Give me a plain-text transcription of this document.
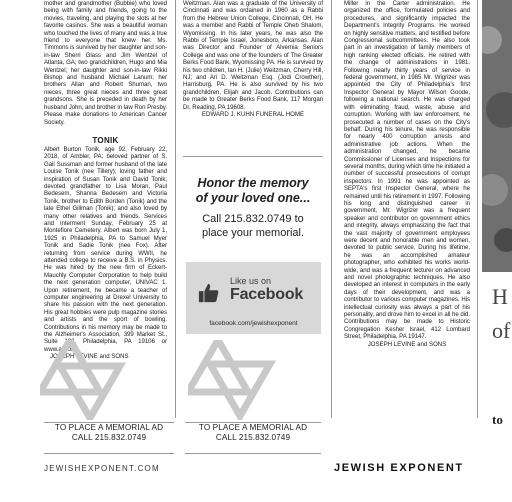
mother and grandmother (Bubbie) who loved being with family and friends, going to the movies, traveling, and playing the slots at her favorite casinos. She was a beautiful woman who touched the lives of many and was a true friend to everyone that knew her. Ms. Timmons is survived by her daughter and son-in-law Sherri Glass and Jim Wentzel of Atlanta, GA; two grandchildren, Hugo and Mia Wentzel; her daughter and son-in-law Rikki Bishop and husband Michael Lanum; her brothers Allan and Robert Shuman, two nieces, three great nieces and three great grandsons. She is preceded in death by her husband John, and brother in law Ron Presby. Please make donations to American Cancer Society.

TONIK

Albert Burton Tonik, age 92, February 22, 2018, of Ambler, PA; beloved partner of S. Gail Sussman and former husband of the late Louise Tonik (nee Tillery); loving father and inspiration of Susan Tonik and David Tonik; devoted grandfather to Lisa Moran, Paul Bedesem, Shanna Bedesem and Victoria Tonik, brother to Edith Borden (Tonik) and the late Ethel Gillman (Tonik); and also loved by many other relatives and friends. Services and interment Sunday, February 25 at Montefiore Cemetery. Albert was born July 1, 1925 in Philadelphia, PA to Samuel Myer Tonik and Sadie Tonik (nee Fox). After returning from service during WWII, he attended college to receive a B.S. in Physics. He was hired by the new firm of Eckert-Mauchly Computer Corporation to help build the next generation computer, UNIVAC 1. Upon retirement, he became a teacher of computer engineering at Drexel University to share his passion with the next generation. His great hobbies were pulp magazine stories and artists and the sport of bowling. Contributions in his memory may be made to the Alzheimer's Association, 399 Market St., Suite 102, Philadelphia, PA 19106 or www.alz.org

JOSEPH LEVINE and SONS

Weitzman. Alan was a graduate of the University of Cincinnati and was ordained in 1960 as a Rabbi from the Hebrew Union College, Cincinnati, OH. He was a member and Rabbi of Temple Oheb Shalom, Wyomissing. In his later years, he was also the Rabbi of Temple Israel, Jonesboro, Arkansas. Alan was Director and Founder of Alvernia Seniors College and was one of the founders of The Greater Berks Food Bank, Wyomissing PA. He is survived by his two children, Ian H. (Julie) Weitzman, Cherry Hill, NJ; and Ari D. Weitzman Esq. (Jodi Crowther), Harrisburg, PA. He is also survived by his two grandchildren, Elijah and Jacob. Contributions can be made to Greater Berks Food Bank, 117 Morgan Dr, Reading, PA 19608.

EDWARD J. KUHN FUNERAL HOME

Honor the memory
of your loved one...
Call 215.832.0749 to
place your memorial.
Like us on
Facebook
facebook.com/jewishexponent

Miller in the Carter administration. He organized the office, formulated policies and procedures, and significantly impacted the Department's Integrity Programs. He worked on highly sensitive matters, and testified before Congressional subcommittees. He also took part in an investigation of family members of high ranking elected officials. He retired with the change of administrations in 1981. Following nearly thirty years of service in federal government, in 1985 Mr. Wigrizer was appointed the City of Philadelphia's first Inspector General by Mayor Wilson Goode, following a national search. He was charged with eliminating fraud, waste, abuse and corruption. Working with law enforcement, he prosecuted a number of cases on the City's behalf. During his tenure, he was responsible for nearly 400 corruption arrests and administrative job actions. When the administration changed, he became Commissioner of Licenses and Inspections for several months, during which time he initiated a number of successful prosecutions of corrupt inspectors. In 1991 he was appointed as SEPTA's first Inspector General, where he remained until his retirement in 1997. Following his long and distinguished career in government, Mr. Wigrizer was a frequent speaker and contributor on government ethics and integrity, always emphasizing the fact that the vast majority of government employees were decent and honorable men and women, devoted to public service. During his lifetime, he was an accomplished amateur photographer, who exhibited his works world-wide, and was a frequent lecturer on advanced and novel photographic techniques. He also developed an interest in computers in the early days of their development, and was a contributor to various computer magazines. His intellectual curiosity was always a part of his personality, and drove him to excel in all he did. Contributions may be made to Historic Congregation Kesher Israel, 412 Lombard Street, Philadelphia, PA 19147.

JOSEPH LEVINE and SONS

H
of
to
TO PLACE A MEMORIAL AD
CALL 215.832.0749
TO PLACE A MEMORIAL AD
CALL 215.832.0749
JEWISHEXPONENT.COM	JEWISH EXPONENT
